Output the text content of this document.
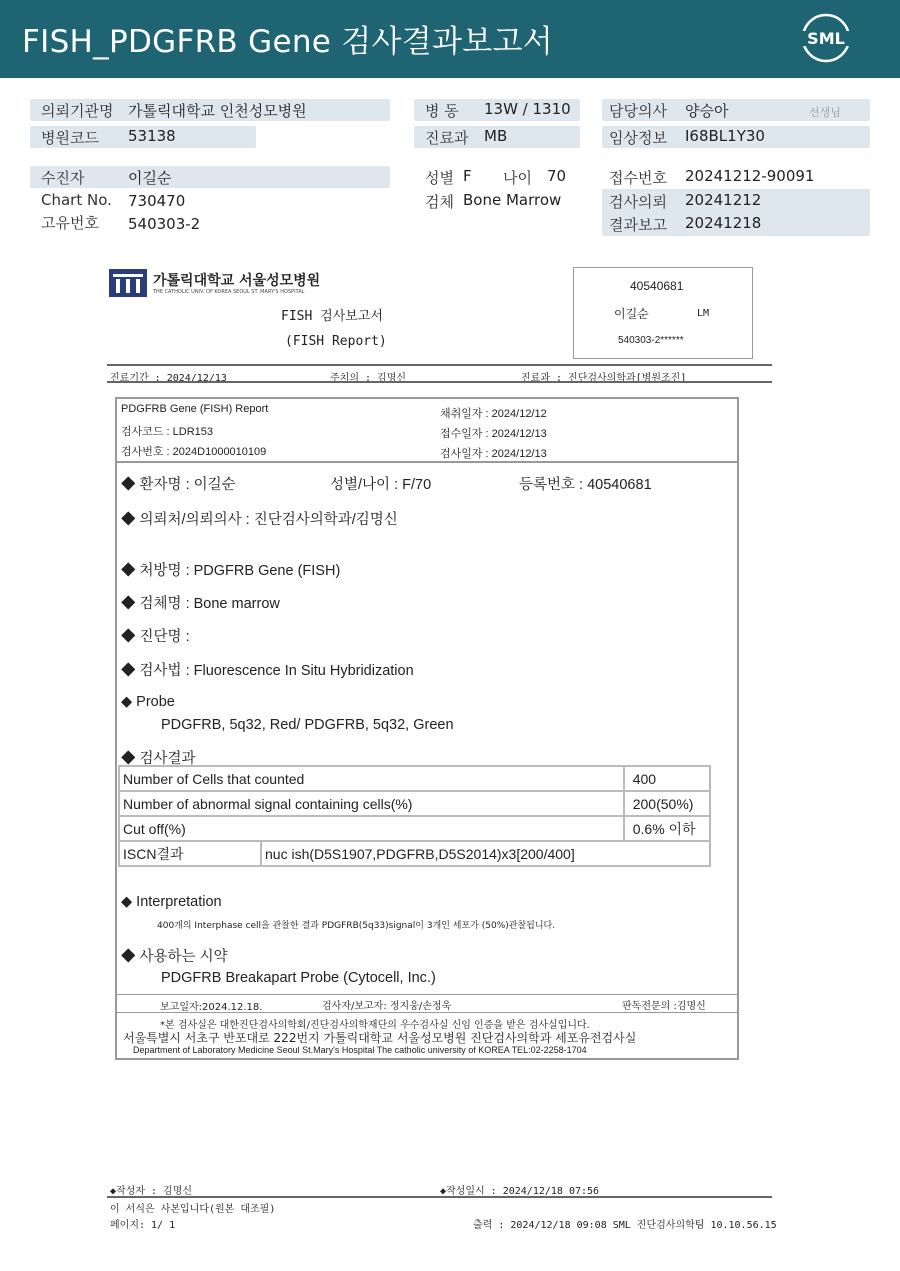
FISH_PDGFRB Gene 검사결과보고서	SML
의뢰기관명 가톨릭대학교 인천성모병원
병원코드 53138
병 동 13W / 1310
진료과 MB
담당의사 양승아	선생님
임상정보 I68BL1Y30
수진자	이길순
Chart No. 730470
고유번호 540303-2
성별 F 나이 70
검체 Bone Marrow
접수번호 20241212-90091
검사의뢰 20241212
결과보고 20241218
가톨릭대학교 서울성모병원
THE CATHOLIC UNIV. OF KOREA SEOUL ST. MARY'S HOSPITAL
FISH 검사보고서
(FISH Report)
40540681
이길순	LM
540303-2******
진료기간 : 2024/12/13	주치의 : 김명신	진료과 : 진단검사의학과[병원조진]
PDGFRB Gene (FISH) Report
검사코드 : LDR153
검사번호 : 2024D1000010109
채취일자 : 2024/12/12
접수일자 : 2024/12/13
검사일자 : 2024/12/13
◆ 환자명 : 이길순	성별/나이 : F/70	등록번호 : 40540681
◆ 의뢰처/의뢰의사 : 진단검사의학과/김명신
◆ 처방명 : PDGFRB Gene (FISH)
◆ 검체명 : Bone marrow
◆ 진단명 :
◆ 검사법 : Fluorescence In Situ Hybridization
◆ Probe
PDGFRB, 5q32, Red/ PDGFRB, 5q32, Green
◆ 검사결과
Number of Cells that counted		400
Number of abnormal signal containing cells(%)		200(50%)
Cut off(%)		0.6% 이하
ISCN결과	nuc ish(D5S1907,PDGFRB,D5S2014)x3[200/400]	
◆ Interpretation
400개의 Interphase cell을 관찰한 결과 PDGFRB(5q33)signal이 3개인 세포가 (50%)관찰됩니다.
◆ 사용하는 시약
PDGFRB Breakapart Probe (Cytocell, Inc.)
보고일자:2024.12.18.	검사자/보고자: 정지웅/손정욱	판독전문의 :김명신
*본 검사실은 대한진단검사의학회/진단검사의학재단의 우수검사실 신임 인증을 받은 검사실입니다.
서울특별시 서초구 반포대로 222번지 가톨릭대학교 서울성모병원 진단검사의학과 세포유전검사실
Department of Laboratory Medicine Seoul St.Mary's Hospital The catholic university of KOREA TEL:02-2258-1704
◆작성자 : 김명신	◆작성일시 : 2024/12/18 07:56
이 서식은 사본입니다(원본 대조필)
페이지: 1/ 1	출력 : 2024/12/18 09:08 SML 진단검사의학팀 10.10.56.15
